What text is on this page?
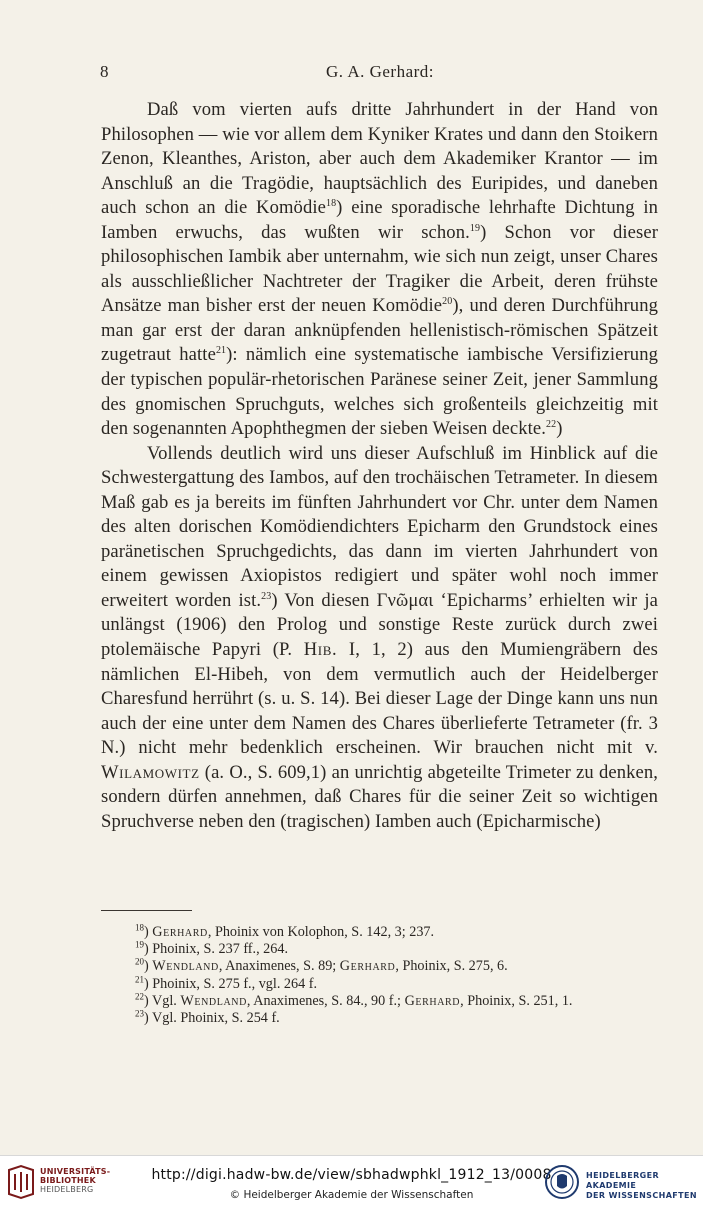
8	G. A. Gerhard:

Daß vom vierten aufs dritte Jahrhundert in der Hand von Philosophen — wie vor allem dem Kyniker Krates und dann den Stoikern Zenon, Kleanthes, Ariston, aber auch dem Akademiker Krantor — im Anschluß an die Tragödie, hauptsächlich des Euripides, und daneben auch schon an die Komödie$^{18}$) eine sporadische lehrhafte Dichtung in Iamben erwuchs, das wußten wir schon.$^{19}$) Schon vor dieser philosophischen Iambik aber unternahm, wie sich nun zeigt, unser Chares als ausschließlicher Nachtreter der Tragiker die Arbeit, deren frühste Ansätze man bisher erst der neuen Komödie$^{20}$), und deren Durchführung man gar erst der daran anknüpfenden hellenistisch-römischen Spätzeit zugetraut hatte$^{21}$): nämlich eine systematische iambische Versifizierung der typischen populär-rhetorischen Paränese seiner Zeit, jener Sammlung des gnomischen Spruchguts, welches sich großenteils gleichzeitig mit den sogenannten Apophthegmen der sieben Weisen deckte.$^{22}$)

Vollends deutlich wird uns dieser Aufschluß im Hinblick auf die Schwestergattung des Iambos, auf den trochäischen Tetrameter. In diesem Maß gab es ja bereits im fünften Jahrhundert vor Chr. unter dem Namen des alten dorischen Komödiendichters Epicharm den Grundstock eines paränetischen Spruchgedichts, das dann im vierten Jahrhundert von einem gewissen Axiopistos redigiert und später wohl noch immer erweitert worden ist.$^{23}$) Von diesen Γνῶμαι ‘Epicharms’ erhielten wir ja unlängst (1906) den Prolog und sonstige Reste zurück durch zwei ptolemäische Papyri (P. Hib. I, 1, 2) aus den Mumiengräbern des nämlichen El-Hibeh, von dem vermutlich auch der Heidelberger Charesfund herrührt (s. u. S. 14). Bei dieser Lage der Dinge kann uns nun auch der eine unter dem Namen des Chares überlieferte Tetrameter (fr. 3 N.) nicht mehr bedenklich erscheinen. Wir brauchen nicht mit v. Wilamowitz (a. O., S. 609,1) an unrichtig abgeteilte Trimeter zu denken, sondern dürfen annehmen, daß Chares für die seiner Zeit so wichtigen Spruchverse neben den (tragischen) Iamben auch (Epicharmische)

$^{18}$) Gerhard, Phoinix von Kolophon, S. 142, 3; 237.
$^{19}$) Phoinix, S. 237 ff., 264.
$^{20}$) Wendland, Anaximenes, S. 89; Gerhard, Phoinix, S. 275, 6.
$^{21}$) Phoinix, S. 275 f., vgl. 264 f.
$^{22}$) Vgl. Wendland, Anaximenes, S. 84., 90 f.; Gerhard, Phoinix, S. 251, 1.
$^{23}$) Vgl. Phoinix, S. 254 f.
UNIVERSITÄTS-
BIBLIOTHEK
HEIDELBERG
http://digi.hadw-bw.de/view/sbhadwphkl_1912_13/0008
© Heidelberger Akademie der Wissenschaften
HEIDELBERGER AKADEMIE
DER WISSENSCHAFTEN
